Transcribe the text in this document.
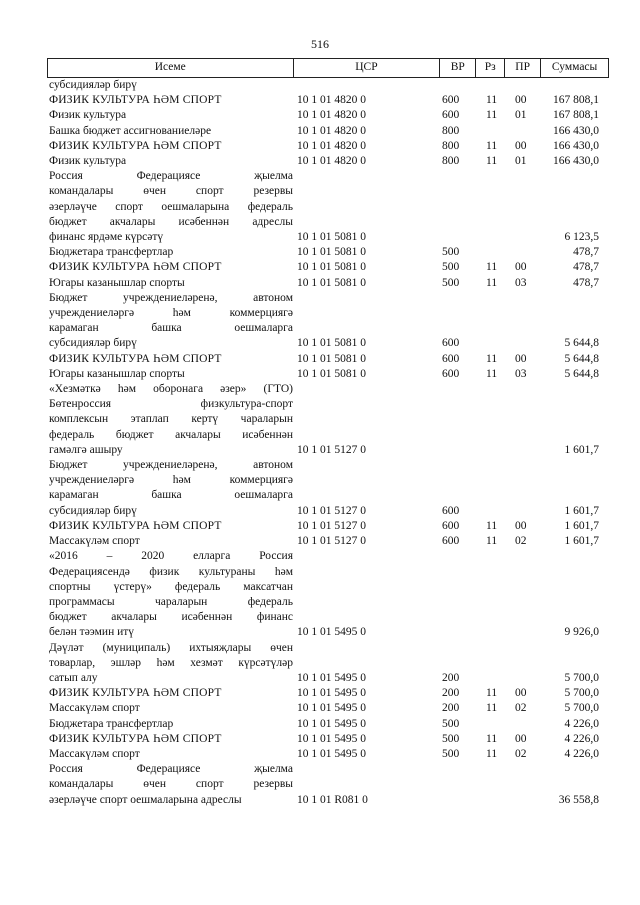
516
Исеме	ЦСР	ВР	Рз	ПР	Суммасы
субсидияләр бирү
ФИЗИК КУЛЬТУРА ҺӘМ СПОРТ	10 1 01 4820 0	600	11	00	167 808,1
Физик культура	10 1 01 4820 0	600	11	01	167 808,1
Башка бюджет ассигнованиеләре	10 1 01 4820 0	800	166 430,0
ФИЗИК КУЛЬТУРА ҺӘМ СПОРТ	10 1 01 4820 0	800	11	00	166 430,0
Физик культура	10 1 01 4820 0	800	11	01	166 430,0
Россия Федерациясе җыелма
командалары өчен спорт резервы
әзерләүче спорт оешмаларына федераль
бюджет акчалары исәбеннән адреслы
финанс ярдәме күрсәтү	10 1 01 5081 0	6 123,5
Бюджетара трансфертлар	10 1 01 5081 0	500	478,7
ФИЗИК КУЛЬТУРА ҺӘМ СПОРТ	10 1 01 5081 0	500	11	00	478,7
Югары казанышлар спорты	10 1 01 5081 0	500	11	03	478,7
Бюджет учреждениеләренә, автоном
учреждениеләргә һәм коммерциягә
карамаган башка оешмаларга
субсидияләр бирү	10 1 01 5081 0	600	5 644,8
ФИЗИК КУЛЬТУРА ҺӘМ СПОРТ	10 1 01 5081 0	600	11	00	5 644,8
Югары казанышлар спорты	10 1 01 5081 0	600	11	03	5 644,8
«Хезмәткә һәм оборонага әзер» (ГТО)
Бөтенроссия физкультура-спорт
комплексын этаплап кертү чараларын
федераль бюджет акчалары исәбеннән
гамәлгә ашыру	10 1 01 5127 0	1 601,7
Бюджет учреждениеләренә, автоном
учреждениеләргә һәм коммерциягә
карамаган башка оешмаларга
субсидияләр бирү	10 1 01 5127 0	600	1 601,7
ФИЗИК КУЛЬТУРА ҺӘМ СПОРТ	10 1 01 5127 0	600	11	00	1 601,7
Массакүләм спорт	10 1 01 5127 0	600	11	02	1 601,7
«2016 – 2020 елларга Россия
Федерациясендә физик культураны һәм
спортны үстерү» федераль максатчан
программасы чараларын федераль
бюджет акчалары исәбеннән финанс
белән тәэмин итү	10 1 01 5495 0	9 926,0
Дәүләт (муниципаль) ихтыяҗлары өчен
товарлар, эшләр һәм хезмәт күрсәтүләр
сатып алу	10 1 01 5495 0	200	5 700,0
ФИЗИК КУЛЬТУРА ҺӘМ СПОРТ	10 1 01 5495 0	200	11	00	5 700,0
Массакүләм спорт	10 1 01 5495 0	200	11	02	5 700,0
Бюджетара трансфертлар	10 1 01 5495 0	500	4 226,0
ФИЗИК КУЛЬТУРА ҺӘМ СПОРТ	10 1 01 5495 0	500	11	00	4 226,0
Массакүләм спорт	10 1 01 5495 0	500	11	02	4 226,0
Россия Федерациясе җыелма
командалары өчен спорт резервы
әзерләүче спорт оешмаларына адреслы	10 1 01 R081 0	36 558,8
